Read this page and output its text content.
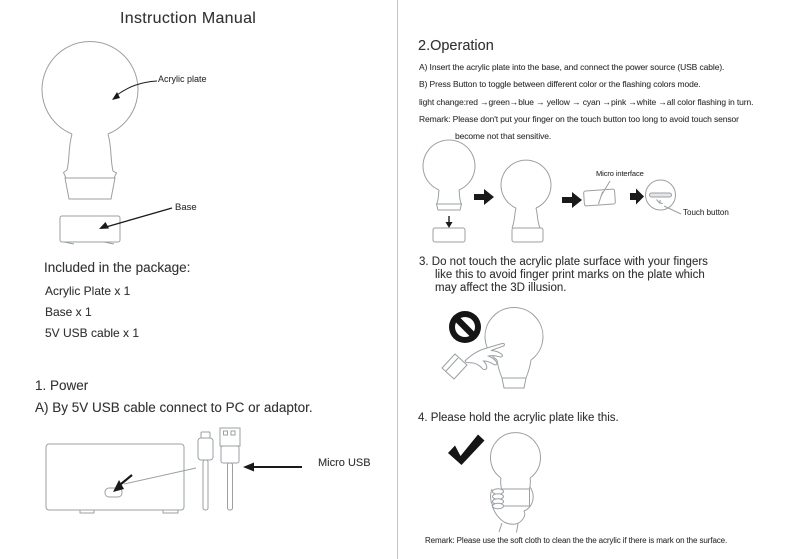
Instruction Manual
Acrylic plate
Base
Included in the package:
Acrylic Plate x 1
Base x 1
5V USB cable x 1
1. Power
A) By 5V USB cable connect to PC or adaptor.
Micro USB
2.Operation
A) Insert the acrylic plate into the base, and connect the power source (USB cable).
B) Press Button to toggle between different color or the flashing colors mode.
light change:red →green→blue → yellow → cyan →pink →white →all color flashing in turn.
Remark: Please don't put your finger on the touch button too long to avoid touch sensor
become not that sensitive.
Micro interface
Touch button
3. Do not touch the acrylic plate surface with your fingers
like this to avoid finger print marks on the plate which
may affect the 3D illusion.
4. Please hold the acrylic plate like this.
Remark: Please use the soft cloth to clean the the acrylic if there is mark on the surface.
